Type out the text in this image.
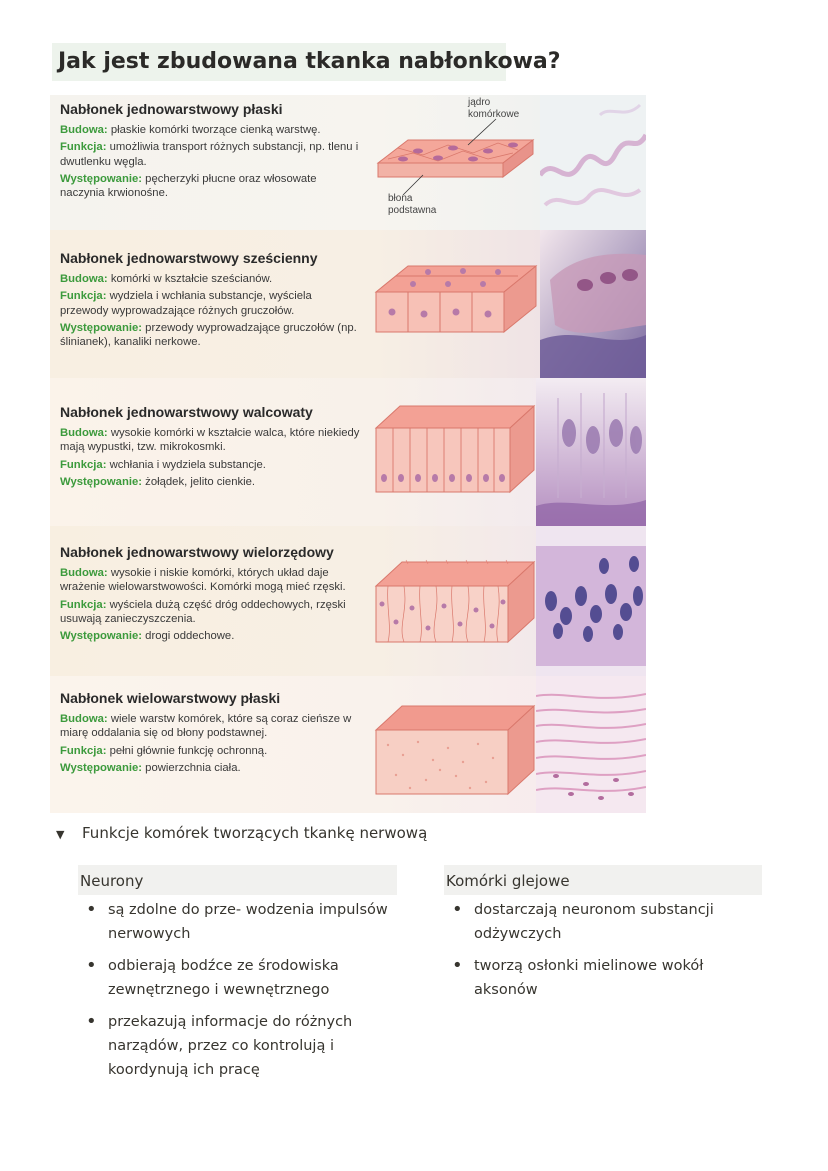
Jak jest zbudowana tkanka nabłonkowa?
Nabłonek jednowarstwowy płaski

Budowa: płaskie komórki tworzące cienką warstwę.

Funkcja: umożliwia transport różnych substancji, np. tlenu i dwutlenku węgla.

Występowanie: pęcherzyki płucne oraz włosowate naczynia krwionośne.

jądro
komórkowe
błona
podstawna
Nabłonek jednowarstwowy sześcienny

Budowa: komórki w kształcie sześcianów.

Funkcja: wydziela i wchłania substancje, wyściela przewody wyprowadzające różnych gruczołów.

Występowanie: przewody wyprowadzające gruczołów (np. ślinianek), kanaliki nerkowe.

Nabłonek jednowarstwowy walcowaty

Budowa: wysokie komórki w kształcie walca, które niekiedy mają wypustki, tzw. mikrokosmki.

Funkcja: wchłania i wydziela substancje.

Występowanie: żołądek, jelito cienkie.

Nabłonek jednowarstwowy wielorzędowy

Budowa: wysokie i niskie komórki, których układ daje wrażenie wielowarstwowości. Komórki mogą mieć rzęski.

Funkcja: wyściela dużą część dróg oddechowych, rzęski usuwają zanieczyszczenia.

Występowanie: drogi oddechowe.

Nabłonek wielowarstwowy płaski

Budowa: wiele warstw komórek, które są coraz cieńsze w miarę oddalania się od błony podstawnej.

Funkcja: pełni głównie funkcję ochronną.

Występowanie: powierzchnia ciała.

▼ Funkcje komórek tworzących tkankę nerwową
Neurony
• są zdolne do prze- wodzenia impulsów nerwowych
• odbierają bodźce ze środowiska zewnętrznego i wewnętrznego
• przekazują informacje do różnych narządów, przez co kontrolują i koordynują ich pracę
Komórki glejowe
• dostarczają neuronom substancji odżywczych
• tworzą osłonki mielinowe wokół aksonów
